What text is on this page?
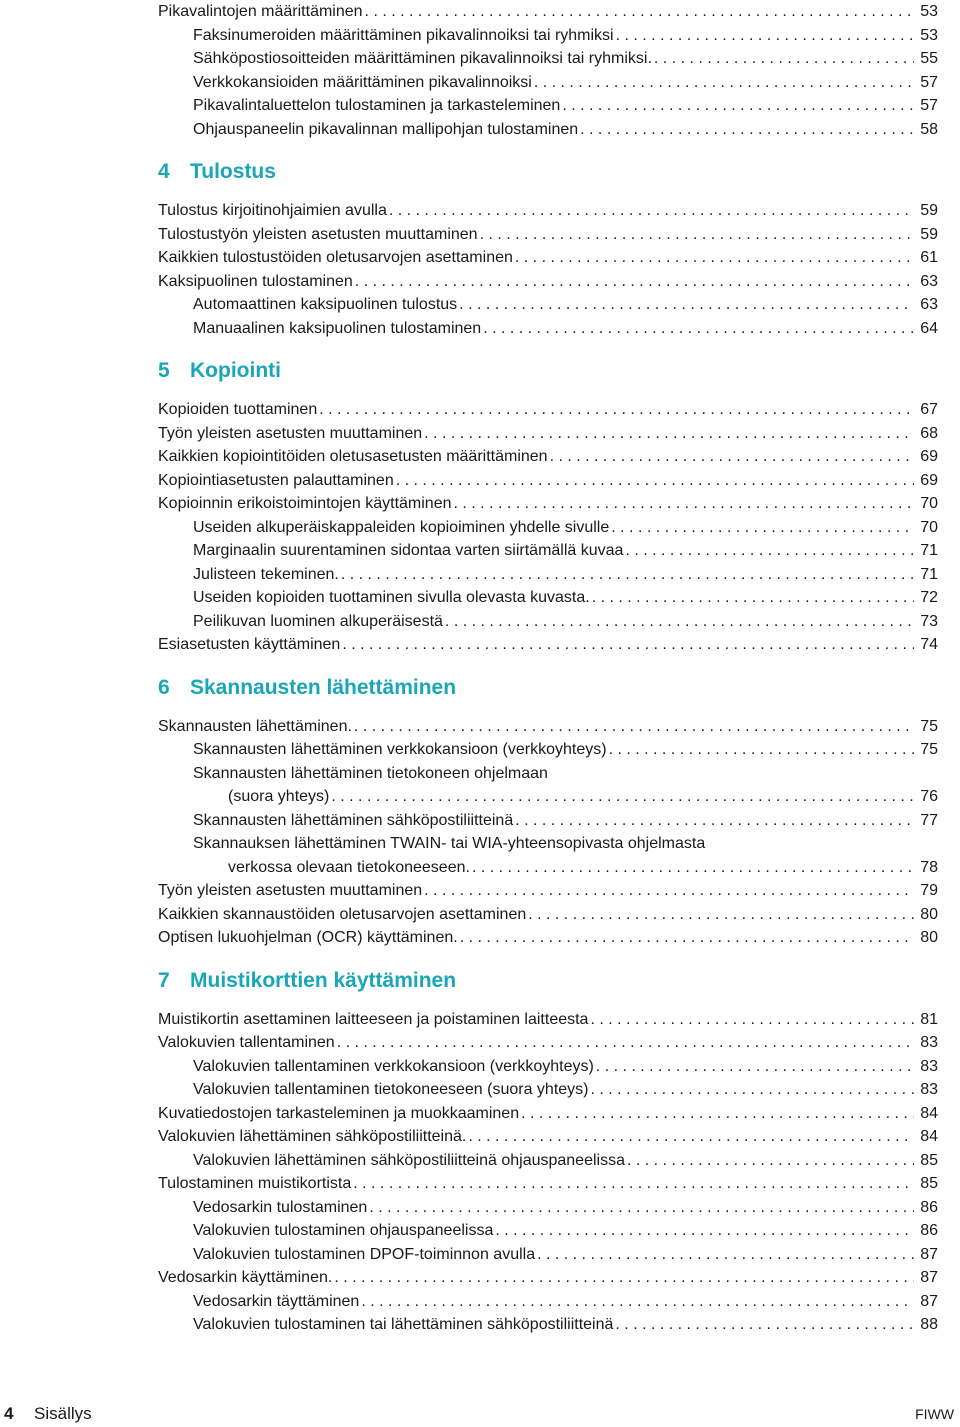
Pikavalintojen määrittäminen . . .	53
Faksinumeroiden määrittäminen pikavalinnoiksi tai ryhmiksi . . .	53
Sähköpostiosoitteiden määrittäminen pikavalinnoiksi tai ryhmiksi. . . .	55
Verkkokansioiden määrittäminen pikavalinnoiksi . . .	57
Pikavalintaluettelon tulostaminen ja tarkasteleminen . . .	57
Ohjauspaneelin pikavalinnan mallipohjan tulostaminen . . .	58
4 Tulostus
Tulostus kirjoitinohjaimien avulla . . .	59
Tulostustyön yleisten asetusten muuttaminen . . .	59
Kaikkien tulostustöiden oletusarvojen asettaminen . . .	61
Kaksipuolinen tulostaminen . . .	63
Automaattinen kaksipuolinen tulostus . . .	63
Manuaalinen kaksipuolinen tulostaminen . . .	64
5 Kopiointi
Kopioiden tuottaminen . . .	67
Työn yleisten asetusten muuttaminen . . .	68
Kaikkien kopiointitöiden oletusasetusten määrittäminen . . .	69
Kopiointiasetusten palauttaminen . . .	69
Kopioinnin erikoistoimintojen käyttäminen . . .	70
Useiden alkuperäiskappaleiden kopioiminen yhdelle sivulle . . .	70
Marginaalin suurentaminen sidontaa varten siirtämällä kuvaa . . .	71
Julisteen tekeminen. . . .	71
Useiden kopioiden tuottaminen sivulla olevasta kuvasta. . . .	72
Peilikuvan luominen alkuperäisestä . . .	73
Esiasetusten käyttäminen . . .	74
6 Skannausten lähettäminen
Skannausten lähettäminen. . . .	75
Skannausten lähettäminen verkkokansioon (verkkoyhteys) . . .	75
Skannausten lähettäminen tietokoneen ohjelmaan
(suora yhteys) . . .	76
Skannausten lähettäminen sähköpostiliitteinä . . .	77
Skannauksen lähettäminen TWAIN- tai WIA-yhteensopivasta ohjelmasta
verkossa olevaan tietokoneeseen. . . .	78
Työn yleisten asetusten muuttaminen . . .	79
Kaikkien skannaustöiden oletusarvojen asettaminen . . .	80
Optisen lukuohjelman (OCR) käyttäminen. . . .	80
7 Muistikorttien käyttäminen
Muistikortin asettaminen laitteeseen ja poistaminen laitteesta . . .	81
Valokuvien tallentaminen . . .	83
Valokuvien tallentaminen verkkokansioon (verkkoyhteys) . . .	83
Valokuvien tallentaminen tietokoneeseen (suora yhteys) . . .	83
Kuvatiedostojen tarkasteleminen ja muokkaaminen . . .	84
Valokuvien lähettäminen sähköpostiliitteinä. . . .	84
Valokuvien lähettäminen sähköpostiliitteinä ohjauspaneelissa . . .	85
Tulostaminen muistikortista . . .	85
Vedosarkin tulostaminen . . .	86
Valokuvien tulostaminen ohjauspaneelissa . . .	86
Valokuvien tulostaminen DPOF-toiminnon avulla . . .	87
Vedosarkin käyttäminen. . . .	87
Vedosarkin täyttäminen . . .	87
Valokuvien tulostaminen tai lähettäminen sähköpostiliitteinä . . .	88
4 Sisällys	FIWW
